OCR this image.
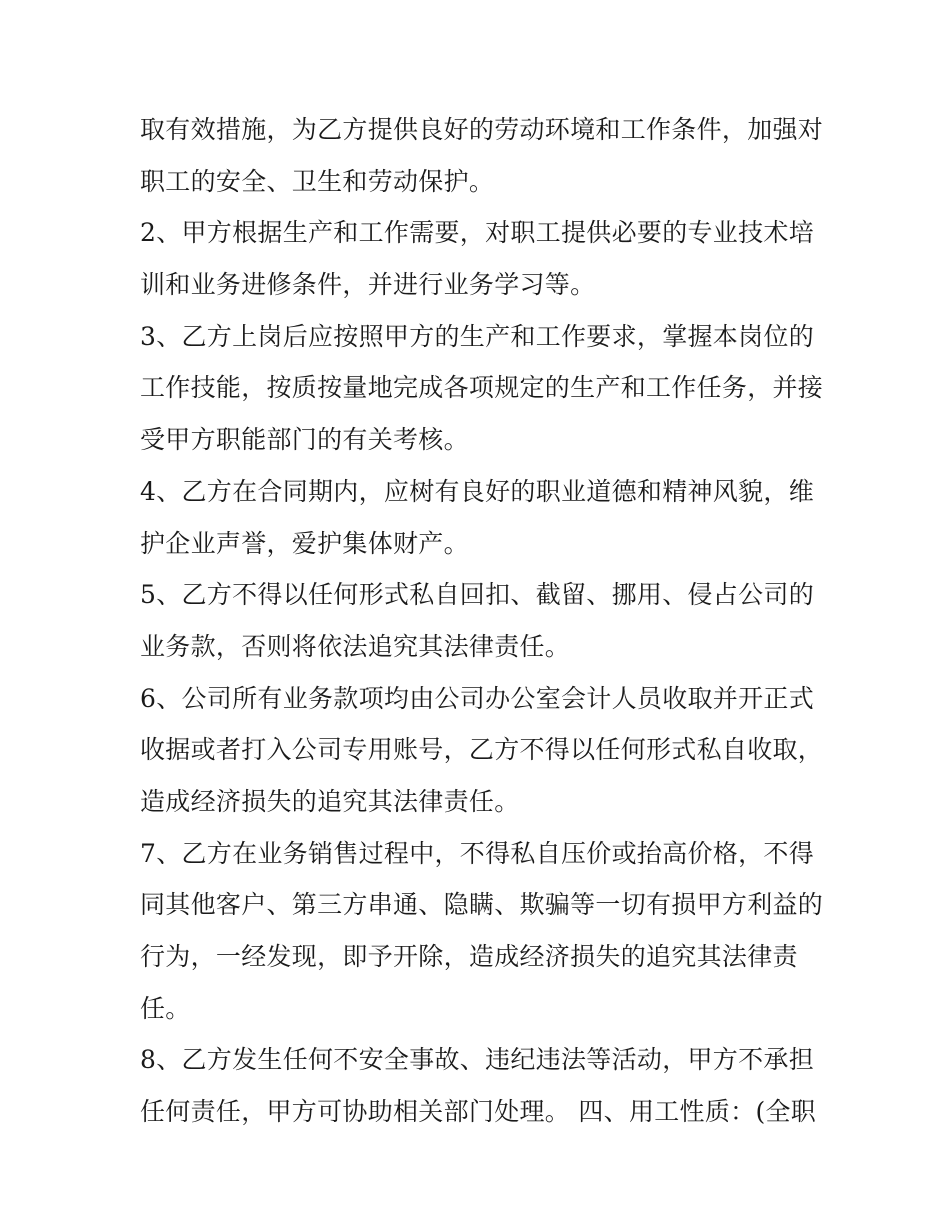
取有效措施，为乙方提供良好的劳动环境和工作条件，加强对
职工的安全、卫生和劳动保护。
2、甲方根据生产和工作需要，对职工提供必要的专业技术培
训和业务进修条件，并进行业务学习等。
3、乙方上岗后应按照甲方的生产和工作要求，掌握本岗位的
工作技能，按质按量地完成各项规定的生产和工作任务，并接
受甲方职能部门的有关考核。
4、乙方在合同期内，应树有良好的职业道德和精神风貌，维
护企业声誉，爱护集体财产。
5、乙方不得以任何形式私自回扣、截留、挪用、侵占公司的
业务款，否则将依法追究其法律责任。
6、公司所有业务款项均由公司办公室会计人员收取并开正式
收据或者打入公司专用账号，乙方不得以任何形式私自收取，
造成经济损失的追究其法律责任。
7、乙方在业务销售过程中，不得私自压价或抬高价格，不得
同其他客户、第三方串通、隐瞒、欺骗等一切有损甲方利益的
行为，一经发现，即予开除，造成经济损失的追究其法律责
任。
8、乙方发生任何不安全事故、违纪违法等活动，甲方不承担
任何责任，甲方可协助相关部门处理。 四、用工性质：(全职
